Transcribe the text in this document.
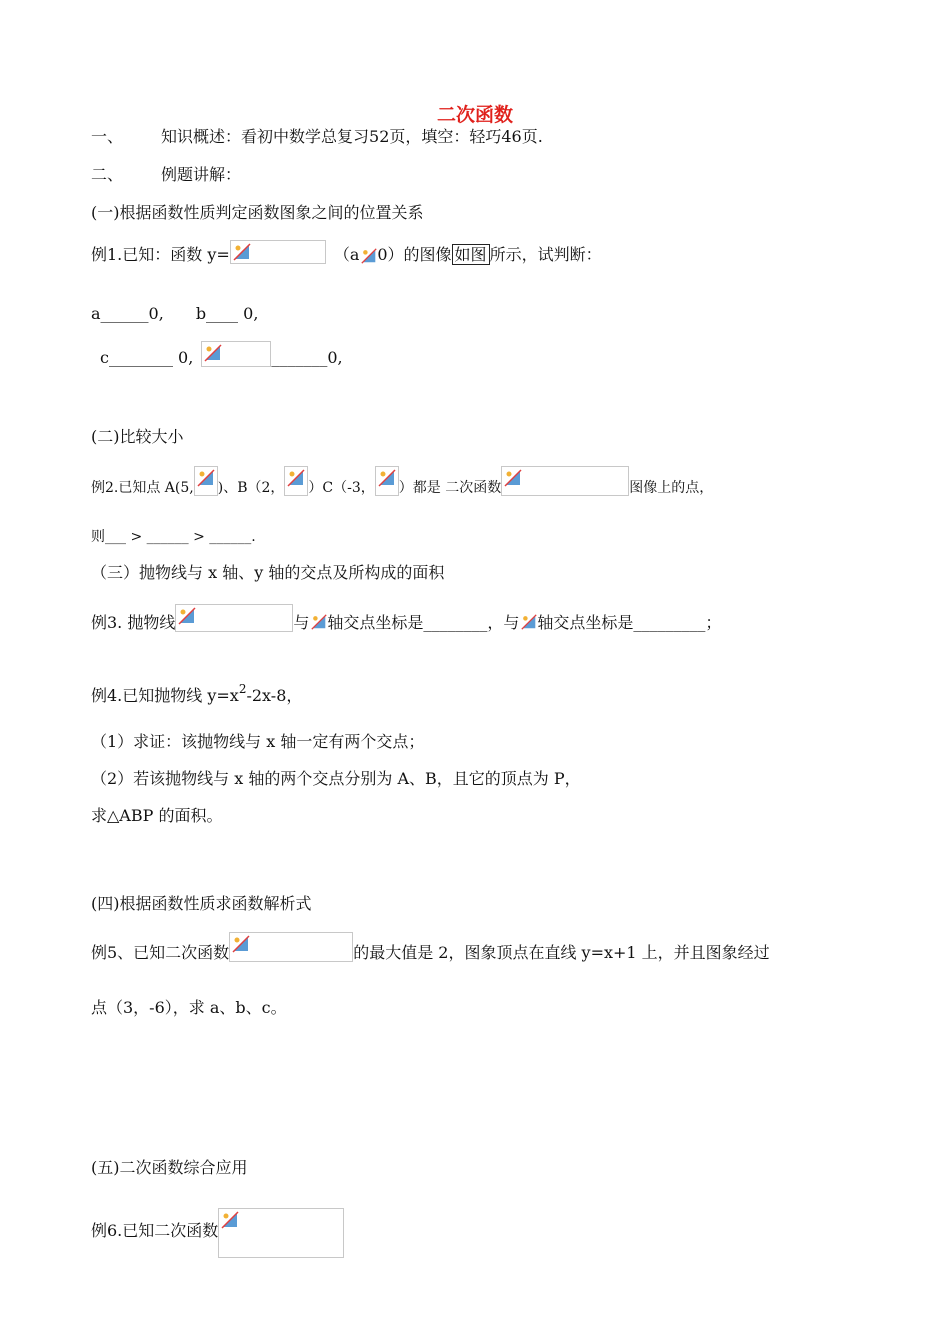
二次函数
一、 知识概述：看初中数学总复习52页，填空：轻巧46页.
二、 例题讲解：
(一)根据函数性质判定函数图象之间的位置关系
例1.已知：函数 y=	（a 0）的图像 如图 所示，试判断：
a______0, b____ 0,
c________ 0,	_______0,
(二)比较大小
例2.已知点 A(5, )、B（2， ）C（-3， ）都是 二次函数	图像上的点，
则___ > ______ > ______.
（三）抛物线与 x 轴、y 轴的交点及所构成的面积
例3. 抛物线	与 轴交点坐标是________，与 轴交点坐标是_________；
例4.已知抛物线 $y=x^2-2x-8$，
（1）求证：该抛物线与 x 轴一定有两个交点；
（2）若该抛物线与 x 轴的两个交点分别为 A、B，且它的顶点为 P，
求△ABP 的面积。
(四)根据函数性质求函数解析式
例5、已知二次函数	的最大值是 2，图象顶点在直线 y=x+1 上，并且图象经过
点（3，-6），求 a、b、c。
(五)二次函数综合应用
例6.已知二次函数
